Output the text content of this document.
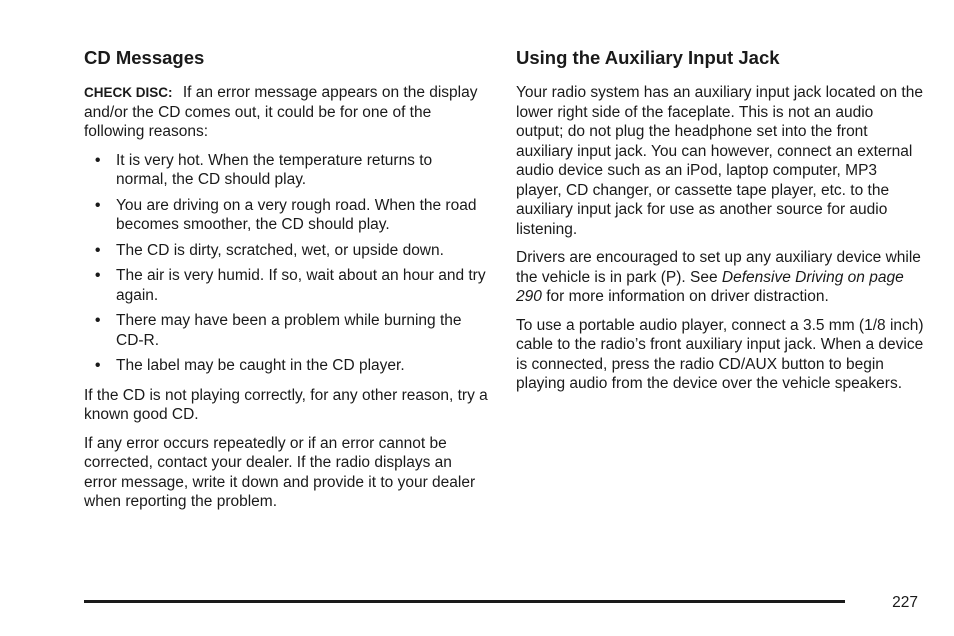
CD Messages

CHECK DISC: If an error message appears on the display and/or the CD comes out, it could be for one of the following reasons:

• It is very hot. When the temperature returns to normal, the CD should play.
• You are driving on a very rough road. When the road becomes smoother, the CD should play.
• The CD is dirty, scratched, wet, or upside down.
• The air is very humid. If so, wait about an hour and try again.
• There may have been a problem while burning the CD-R.
• The label may be caught in the CD player.

If the CD is not playing correctly, for any other reason, try a known good CD.

If any error occurs repeatedly or if an error cannot be corrected, contact your dealer. If the radio displays an error message, write it down and provide it to your dealer when reporting the problem.

Using the Auxiliary Input Jack

Your radio system has an auxiliary input jack located on the lower right side of the faceplate. This is not an audio output; do not plug the headphone set into the front auxiliary input jack. You can however, connect an external audio device such as an iPod, laptop computer, MP3 player, CD changer, or cassette tape player, etc. to the auxiliary input jack for use as another source for audio listening.

Drivers are encouraged to set up any auxiliary device while the vehicle is in park (P). See Defensive Driving on page 290 for more information on driver distraction.

To use a portable audio player, connect a 3.5 mm (1/8 inch) cable to the radio’s front auxiliary input jack. When a device is connected, press the radio CD/AUX button to begin playing audio from the device over the vehicle speakers.

227
